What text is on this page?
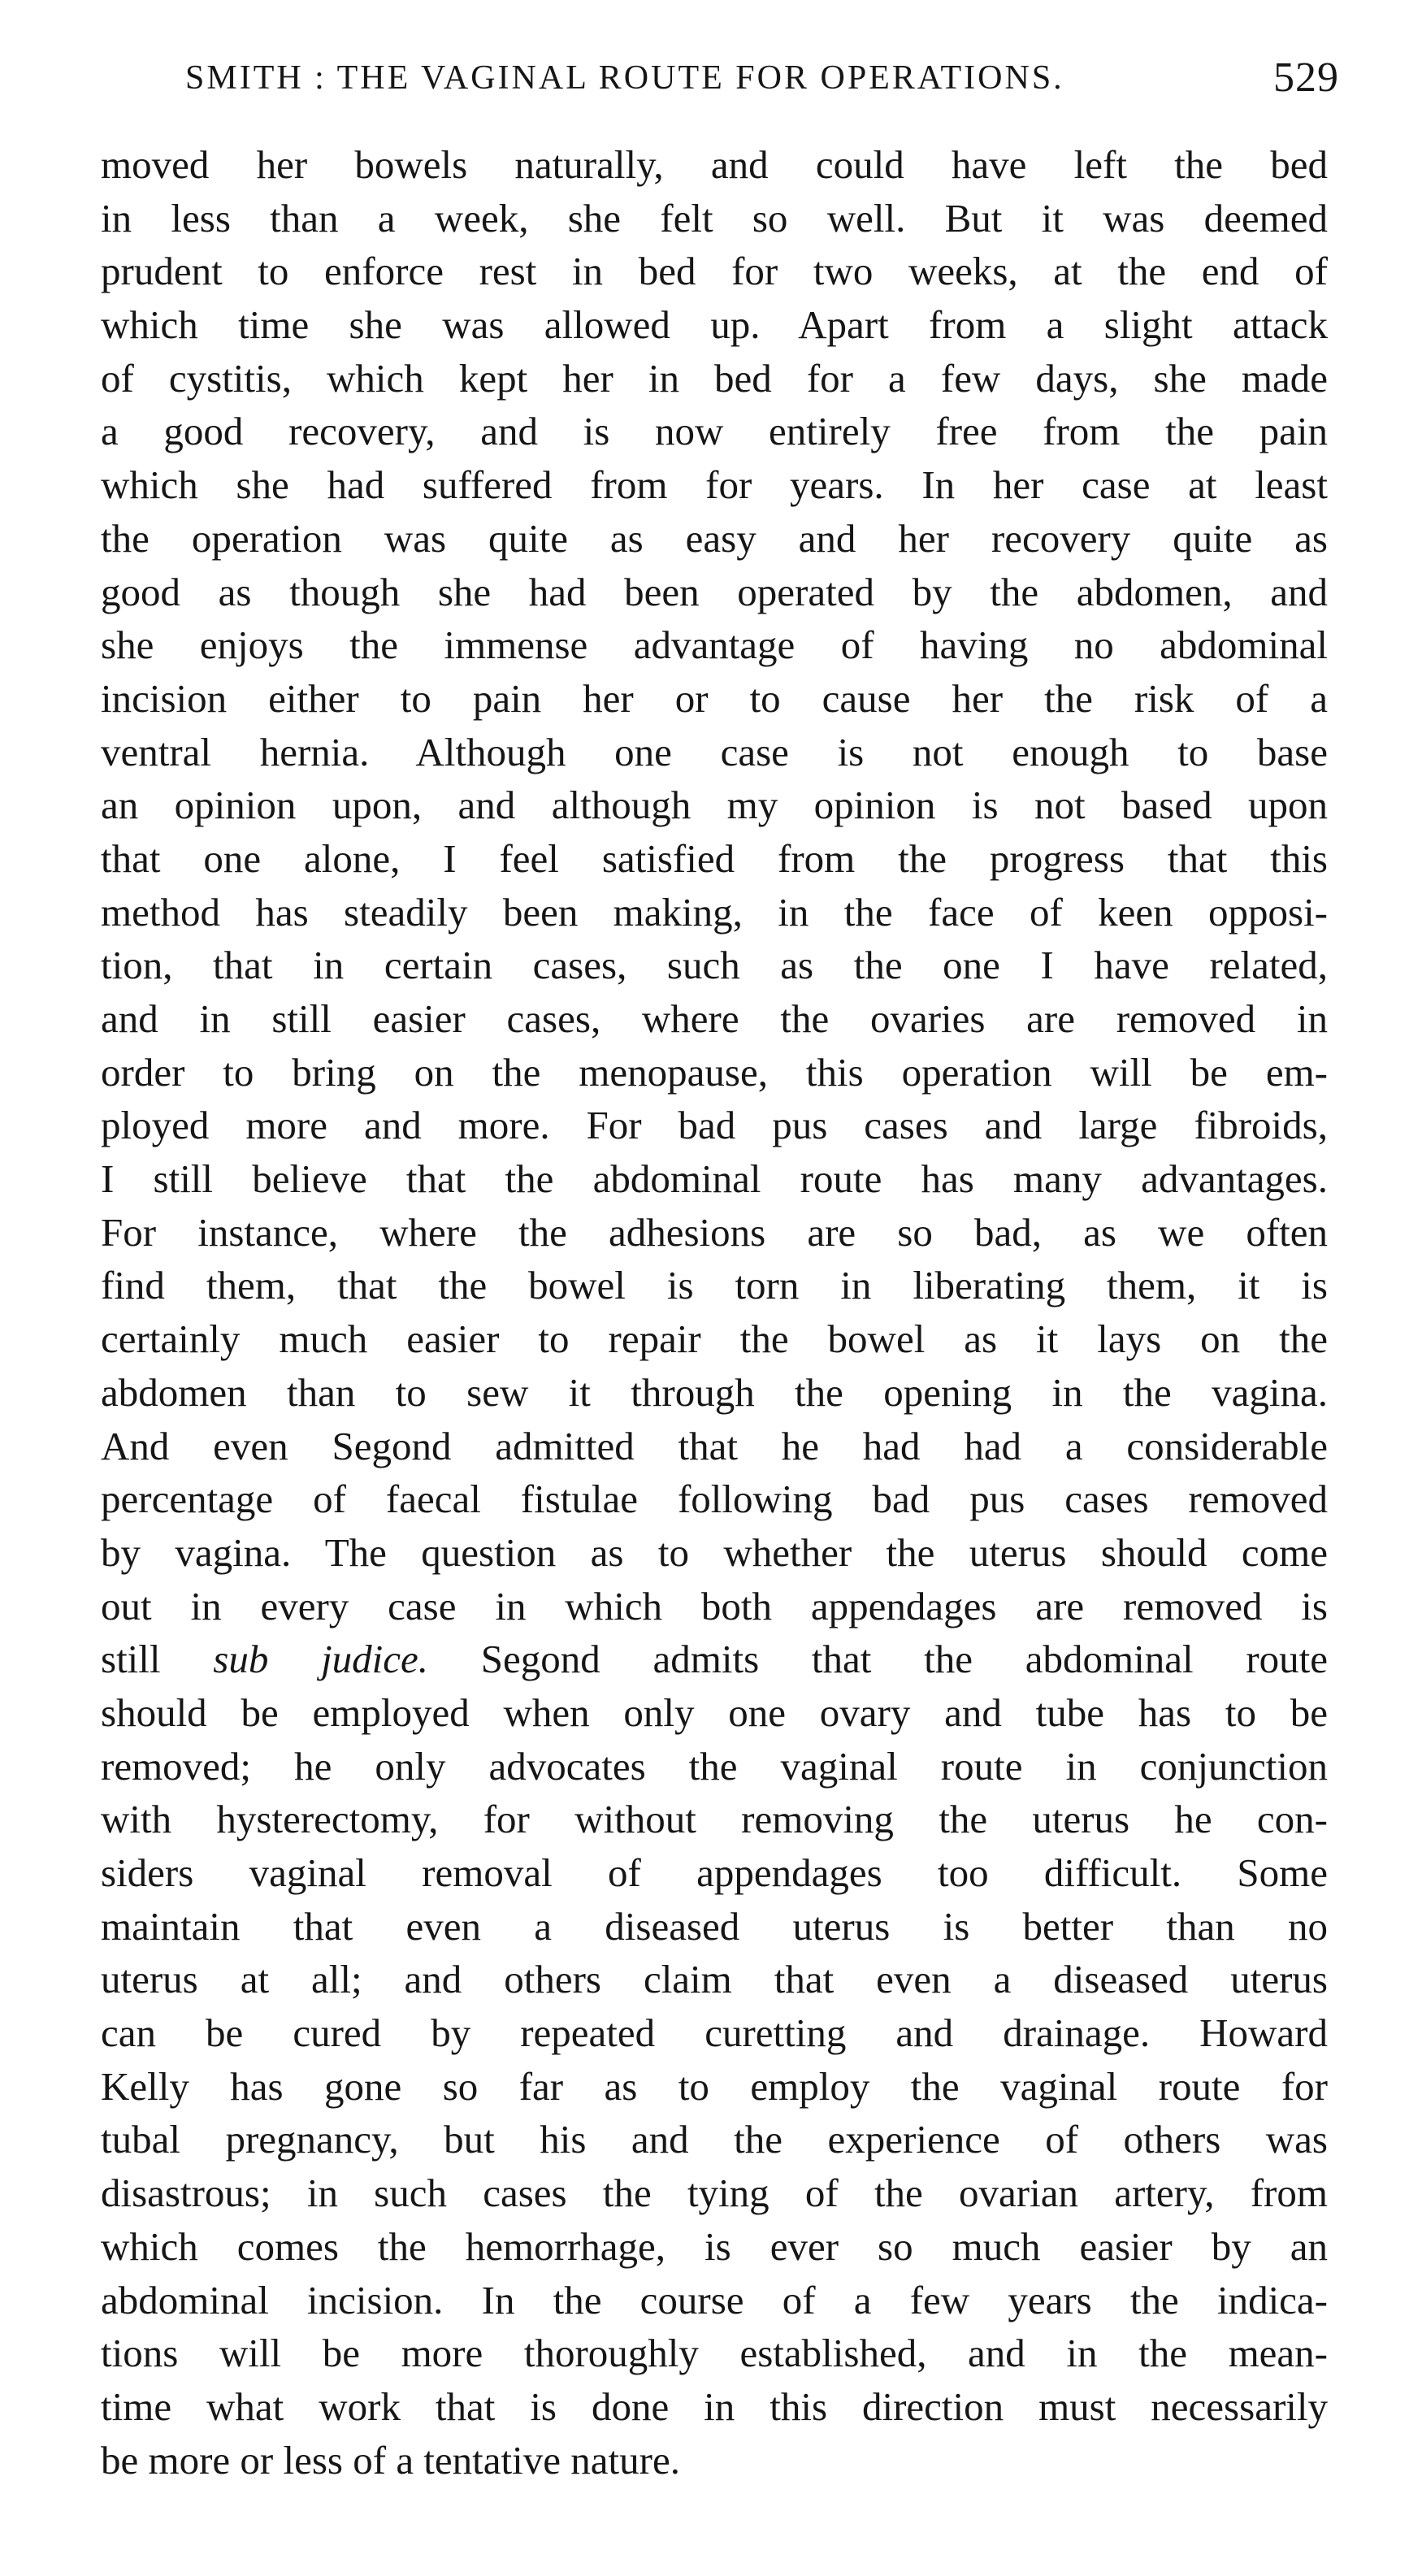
SMITH : THE VAGINAL ROUTE FOR OPERATIONS.	529
moved her bowels naturally, and could have left the bed
in less than a week, she felt so well. But it was deemed
prudent to enforce rest in bed for two weeks, at the end of
which time she was allowed up. Apart from a slight attack
of cystitis, which kept her in bed for a few days, she made
a good recovery, and is now entirely free from the pain
which she had suffered from for years. In her case at least
the operation was quite as easy and her recovery quite as
good as though she had been operated by the abdomen, and
she enjoys the immense advantage of having no abdominal
incision either to pain her or to cause her the risk of a
ventral hernia. Although one case is not enough to base
an opinion upon, and although my opinion is not based upon
that one alone, I feel satisfied from the progress that this
method has steadily been making, in the face of keen opposi-
tion, that in certain cases, such as the one I have related,
and in still easier cases, where the ovaries are removed in
order to bring on the menopause, this operation will be em-
ployed more and more. For bad pus cases and large fibroids,
I still believe that the abdominal route has many advantages.
For instance, where the adhesions are so bad, as we often
find them, that the bowel is torn in liberating them, it is
certainly much easier to repair the bowel as it lays on the
abdomen than to sew it through the opening in the vagina.
And even Segond admitted that he had had a considerable
percentage of faecal fistulae following bad pus cases removed
by vagina. The question as to whether the uterus should come
out in every case in which both appendages are removed is
still sub judice. Segond admits that the abdominal route
should be employed when only one ovary and tube has to be
removed; he only advocates the vaginal route in conjunction
with hysterectomy, for without removing the uterus he con-
siders vaginal removal of appendages too difficult. Some
maintain that even a diseased uterus is better than no
uterus at all; and others claim that even a diseased uterus
can be cured by repeated curetting and drainage. Howard
Kelly has gone so far as to employ the vaginal route for
tubal pregnancy, but his and the experience of others was
disastrous; in such cases the tying of the ovarian artery, from
which comes the hemorrhage, is ever so much easier by an
abdominal incision. In the course of a few years the indica-
tions will be more thoroughly established, and in the mean-
time what work that is done in this direction must necessarily
be more or less of a tentative nature.
